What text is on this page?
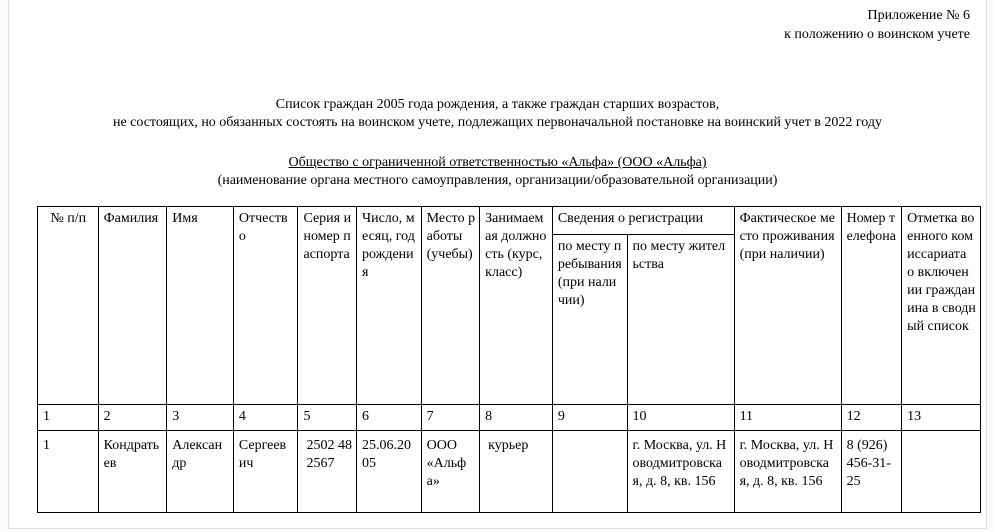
Приложение № 6
к положению о воинском учете
Список граждан 2005 года рождения, а также граждан старших возрастов,
не состоящих, но обязанных состоять на воинском учете, подлежащих первоначальной постановке на воинский учет в 2022 году
Общество с ограниченной ответственностью «Альфа» (ООО «Альфа)
(наименование органа местного самоуправления, организации/образовательной организации)
№ п/п	Фамилия	Имя	Отчество	Серия и номер паспорта	Число, месяц, год рождения	Место работы (учебы)	Занимаемая должность (курс, класс)	Сведения о регистрации		Фактическое место проживания (при наличии)	Номер телефона	Отметка военного комиссариата о включении гражданина в сводный список
								по месту пребывания (при наличии)	по месту жительства			
1	2	3	4	5	6	7	8	9	10	11	12	13
1	Кондратьев	Александр	Сергеевич	2502 482567	25.06.2005	ООО «Альфа»	курьер		г. Москва, ул. Новодмитровская, д. 8, кв. 156	г. Москва, ул. Новодмитровская, д. 8, кв. 156	8 (926) 456-31-25	
